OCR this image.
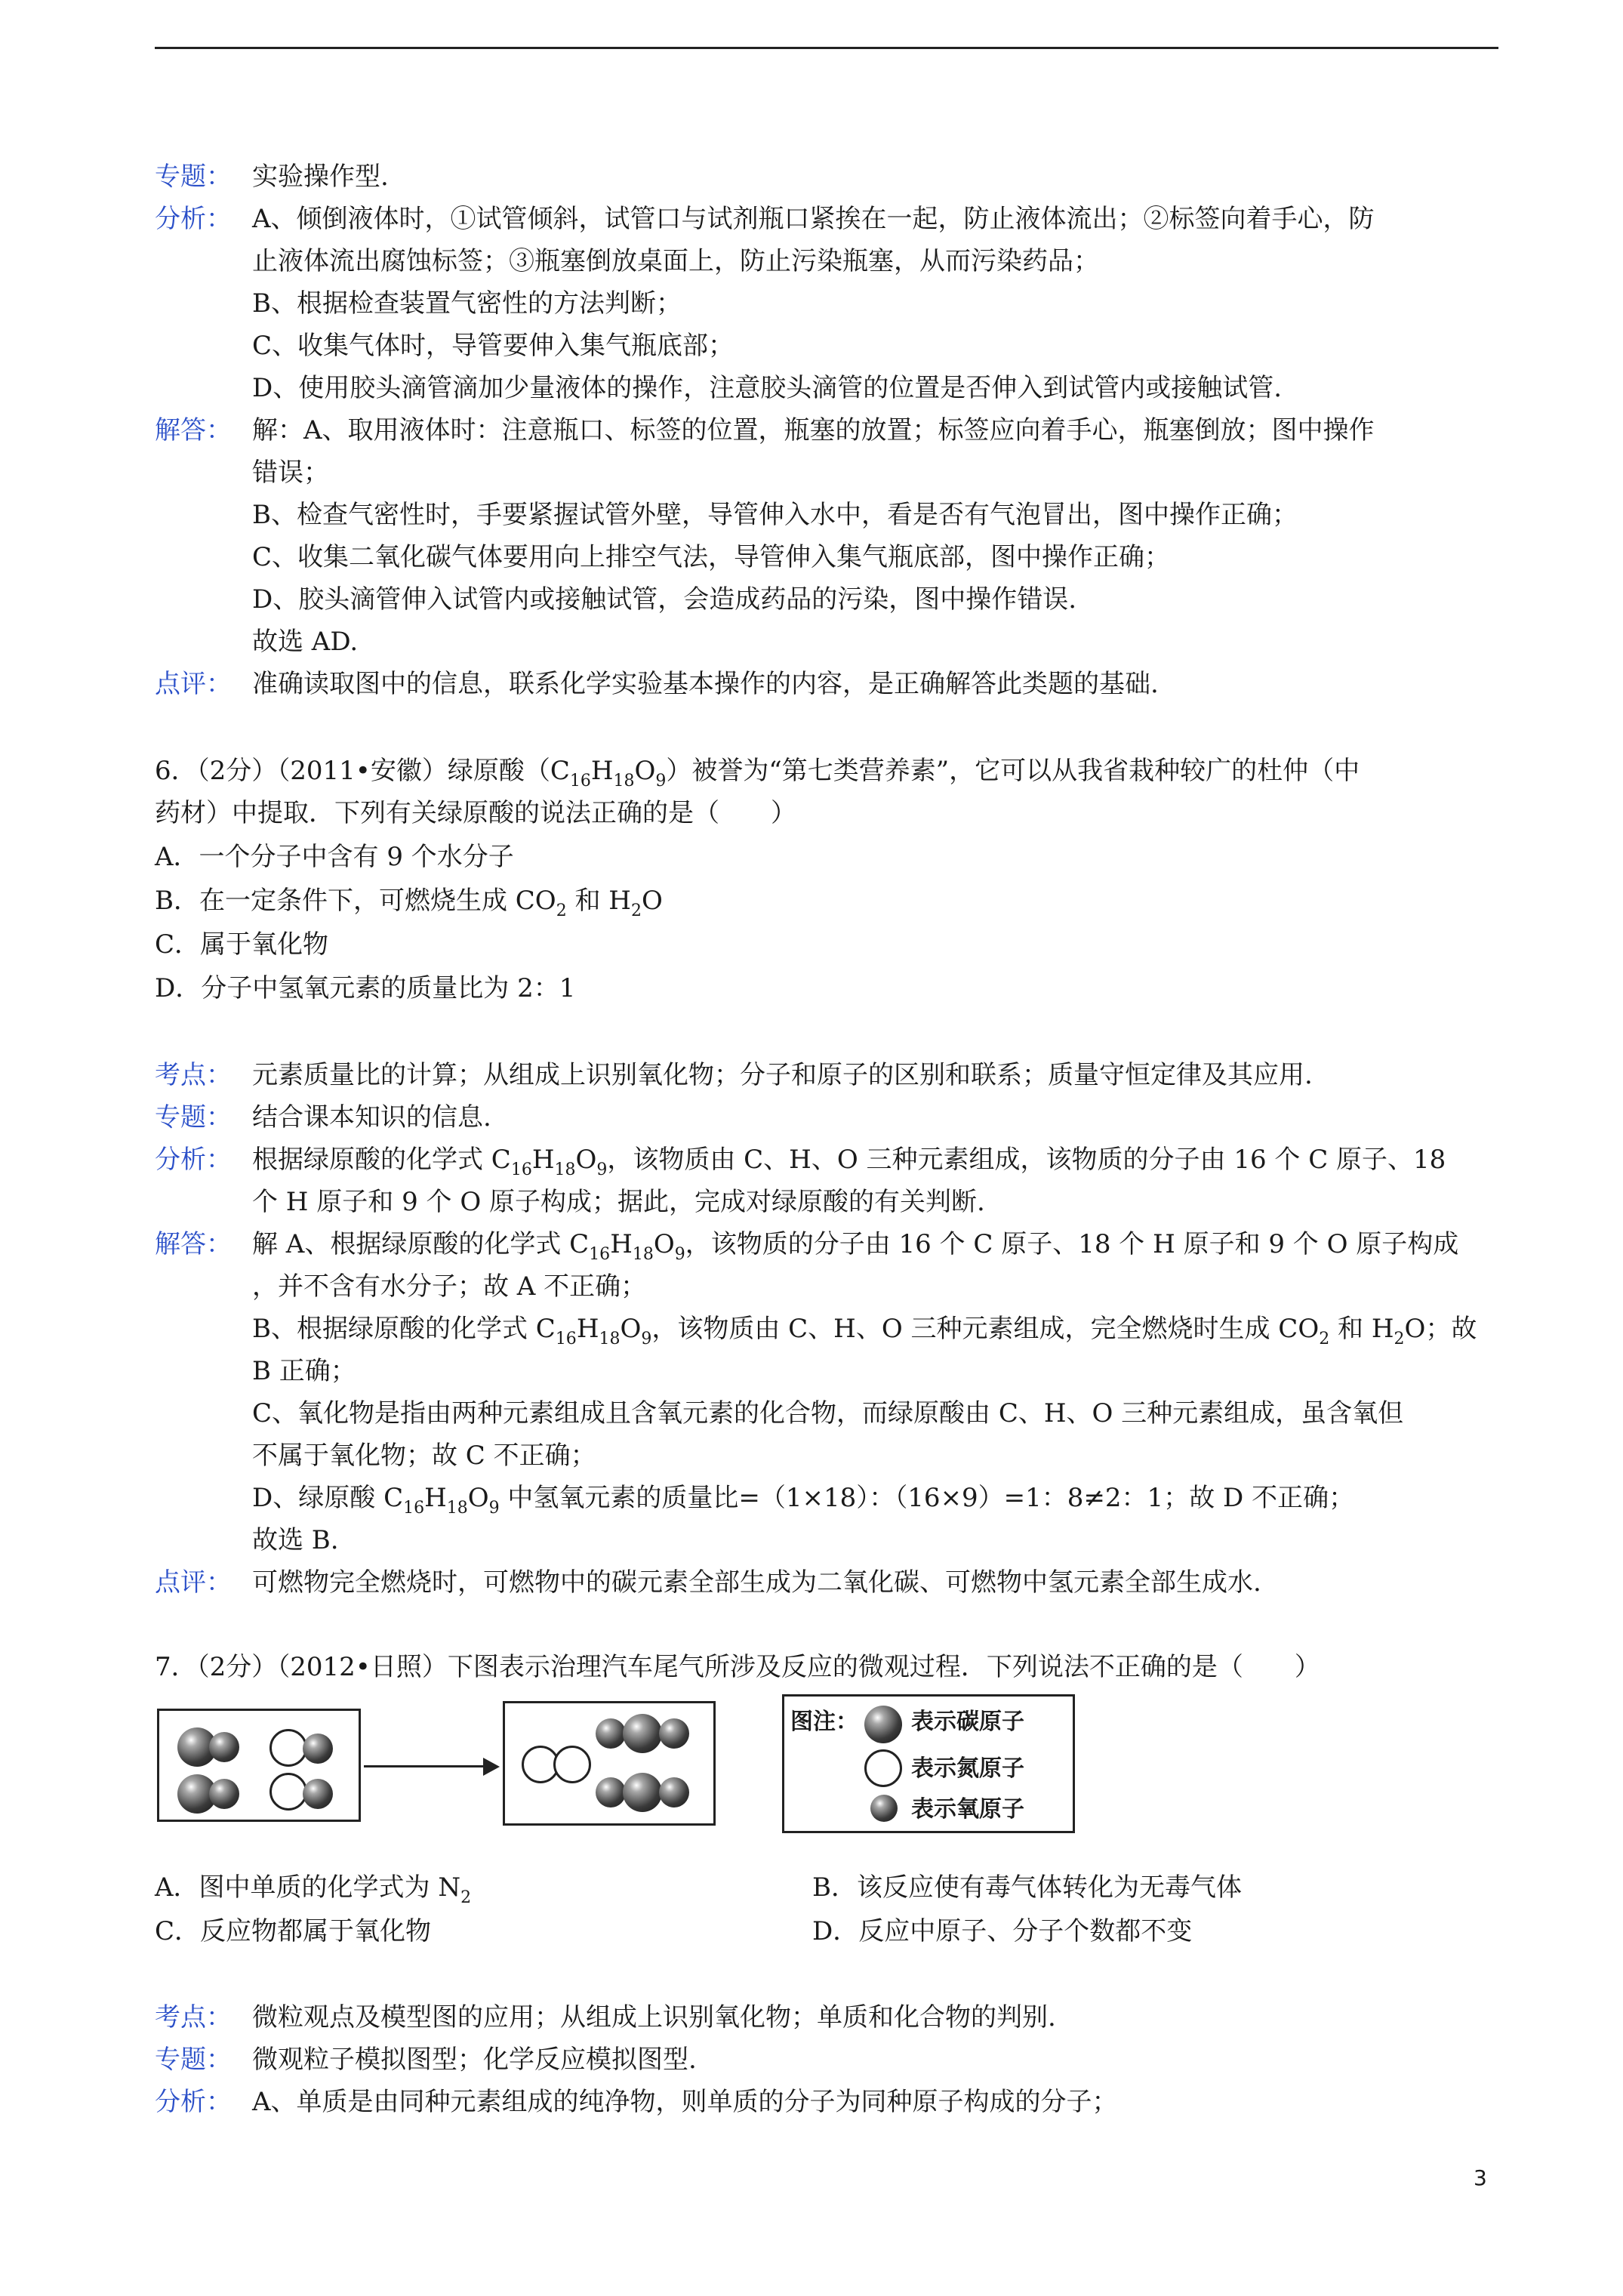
专题： 实验操作型.
分析： A、倾倒液体时，①试管倾斜，试管口与试剂瓶口紧挨在一起，防止液体流出；②标签向着手心，防
止液体流出腐蚀标签；③瓶塞倒放桌面上，防止污染瓶塞，从而污染药品；
B、根据检查装置气密性的方法判断；
C、收集气体时，导管要伸入集气瓶底部；
D、使用胶头滴管滴加少量液体的操作，注意胶头滴管的位置是否伸入到试管内或接触试管.
解答： 解：A、取用液体时：注意瓶口、标签的位置，瓶塞的放置；标签应向着手心，瓶塞倒放；图中操作
错误；
B、检查气密性时，手要紧握试管外壁，导管伸入水中，看是否有气泡冒出，图中操作正确；
C、收集二氧化碳气体要用向上排空气法，导管伸入集气瓶底部，图中操作正确；
D、胶头滴管伸入试管内或接触试管，会造成药品的污染，图中操作错误.
故选 AD.
点评： 准确读取图中的信息，联系化学实验基本操作的内容，是正确解答此类题的基础.
6．（2分）（2011•安徽）绿原酸$(C_{16}H_{18}O_9)$被誉为“第七类营养素”，它可以从我省栽种较广的杜仲（中
药材）中提取．下列有关绿原酸的说法正确的是（　　）
A．一个分子中含有 9 个水分子
B．在一定条件下，可燃烧生成 $CO_2$ 和 $H_2O$
C．属于氧化物
D．分子中氢氧元素的质量比为 2：1
考点： 元素质量比的计算；从组成上识别氧化物；分子和原子的区别和联系；质量守恒定律及其应用.
专题： 结合课本知识的信息.
分析： 根据绿原酸的化学式 $C_{16}H_{18}O_9$，该物质由 C、H、O 三种元素组成，该物质的分子由 16 个 C 原子、18
个 H 原子和 9 个 O 原子构成；据此，完成对绿原酸的有关判断.
解答： 解 A、根据绿原酸的化学式 $C_{16}H_{18}O_9$，该物质的分子由 16 个 C 原子、18 个 H 原子和 9 个 O 原子构成
，并不含有水分子；故 A 不正确；
B、根据绿原酸的化学式 $C_{16}H_{18}O_9$，该物质由 C、H、O 三种元素组成，完全燃烧时生成 $CO_2$ 和 $H_2O$；故
B 正确；
C、氧化物是指由两种元素组成且含氧元素的化合物，而绿原酸由 C、H、O 三种元素组成，虽含氧但
不属于氧化物；故 C 不正确；
D、绿原酸 $C_{16}H_{18}O_9$ 中氢氧元素的质量比=（1×18）：（16×9）=1：8≠2：1；故 D 不正确；
故选 B.
点评： 可燃物完全燃烧时，可燃物中的碳元素全部生成为二氧化碳、可燃物中氢元素全部生成水.
7．（2分）（2012•日照）下图表示治理汽车尾气所涉及反应的微观过程．下列说法不正确的是（　　）
图注： 表示碳原子
表示氮原子
表示氧原子
A．图中单质的化学式为 $N_2$	B．该反应使有毒气体转化为无毒气体
C．反应物都属于氧化物	D．反应中原子、分子个数都不变
考点： 微粒观点及模型图的应用；从组成上识别氧化物；单质和化合物的判别.
专题： 微观粒子模拟图型；化学反应模拟图型.
分析： A、单质是由同种元素组成的纯净物，则单质的分子为同种原子构成的分子；
3
